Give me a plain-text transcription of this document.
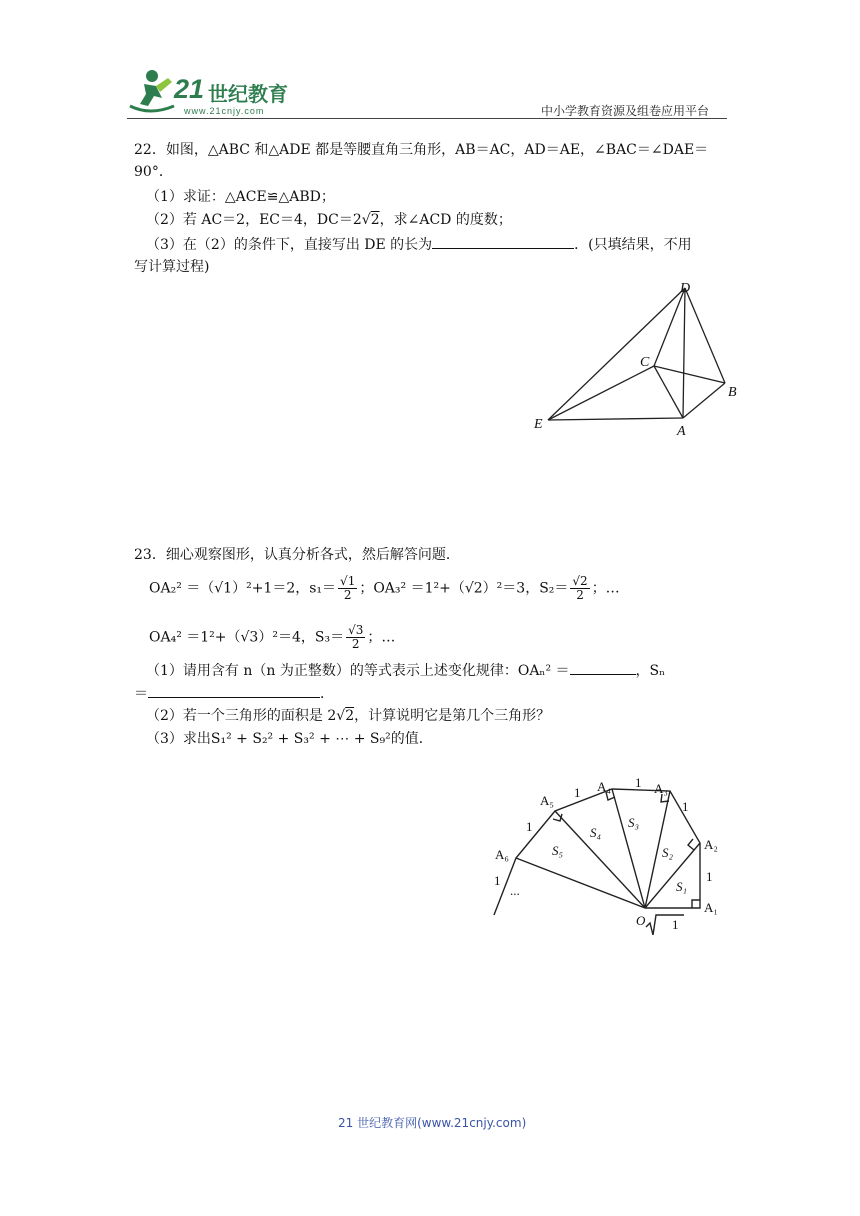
21 世纪教育
www.21cnjy.com	中小学教育资源及组卷应用平台
22．如图，△ABC 和△ADE 都是等腰直角三角形，AB＝AC，AD＝AE，∠BAC＝∠DAE＝
90°．
（1）求证：△ACE≌△ABD；
（2）若 AC＝2，EC＝4，DC＝2√2，求∠ACD 的度数；
（3）在（2）的条件下，直接写出 DE 的长为	．(只填结果，不用
写计算过程)
D
C
B
E	A
23．细心观察图形，认真分析各式，然后解答问题．
OA₂² ＝（√1）²+1＝2，$s_1= \frac{√1}{2}$ ；OA₃² ＝1²+（√2）²＝3，$S_2= \frac{√2}{2}$ ；…
OA₄² ＝1²+（√3）²＝4，$S_3= \frac{√3}{2}$ ；…
（1）请用含有 n（n 为正整数）的等式表示上述变化规律：OAₙ² ＝	，Sₙ
＝	．
（2）若一个三角形的面积是 2√2，计算说明它是第几个三角形？
（3）求出S₁² + S₂² + S₃² + ⋯ + S₉²的值．
A₁
A₂
A₃
A₄
A₅
A₆
O
S₁
S₂
S₃
S₄
S₅
1
1
1
1
1
1
1
...
21 世纪教育网(www.21cnjy.com)
